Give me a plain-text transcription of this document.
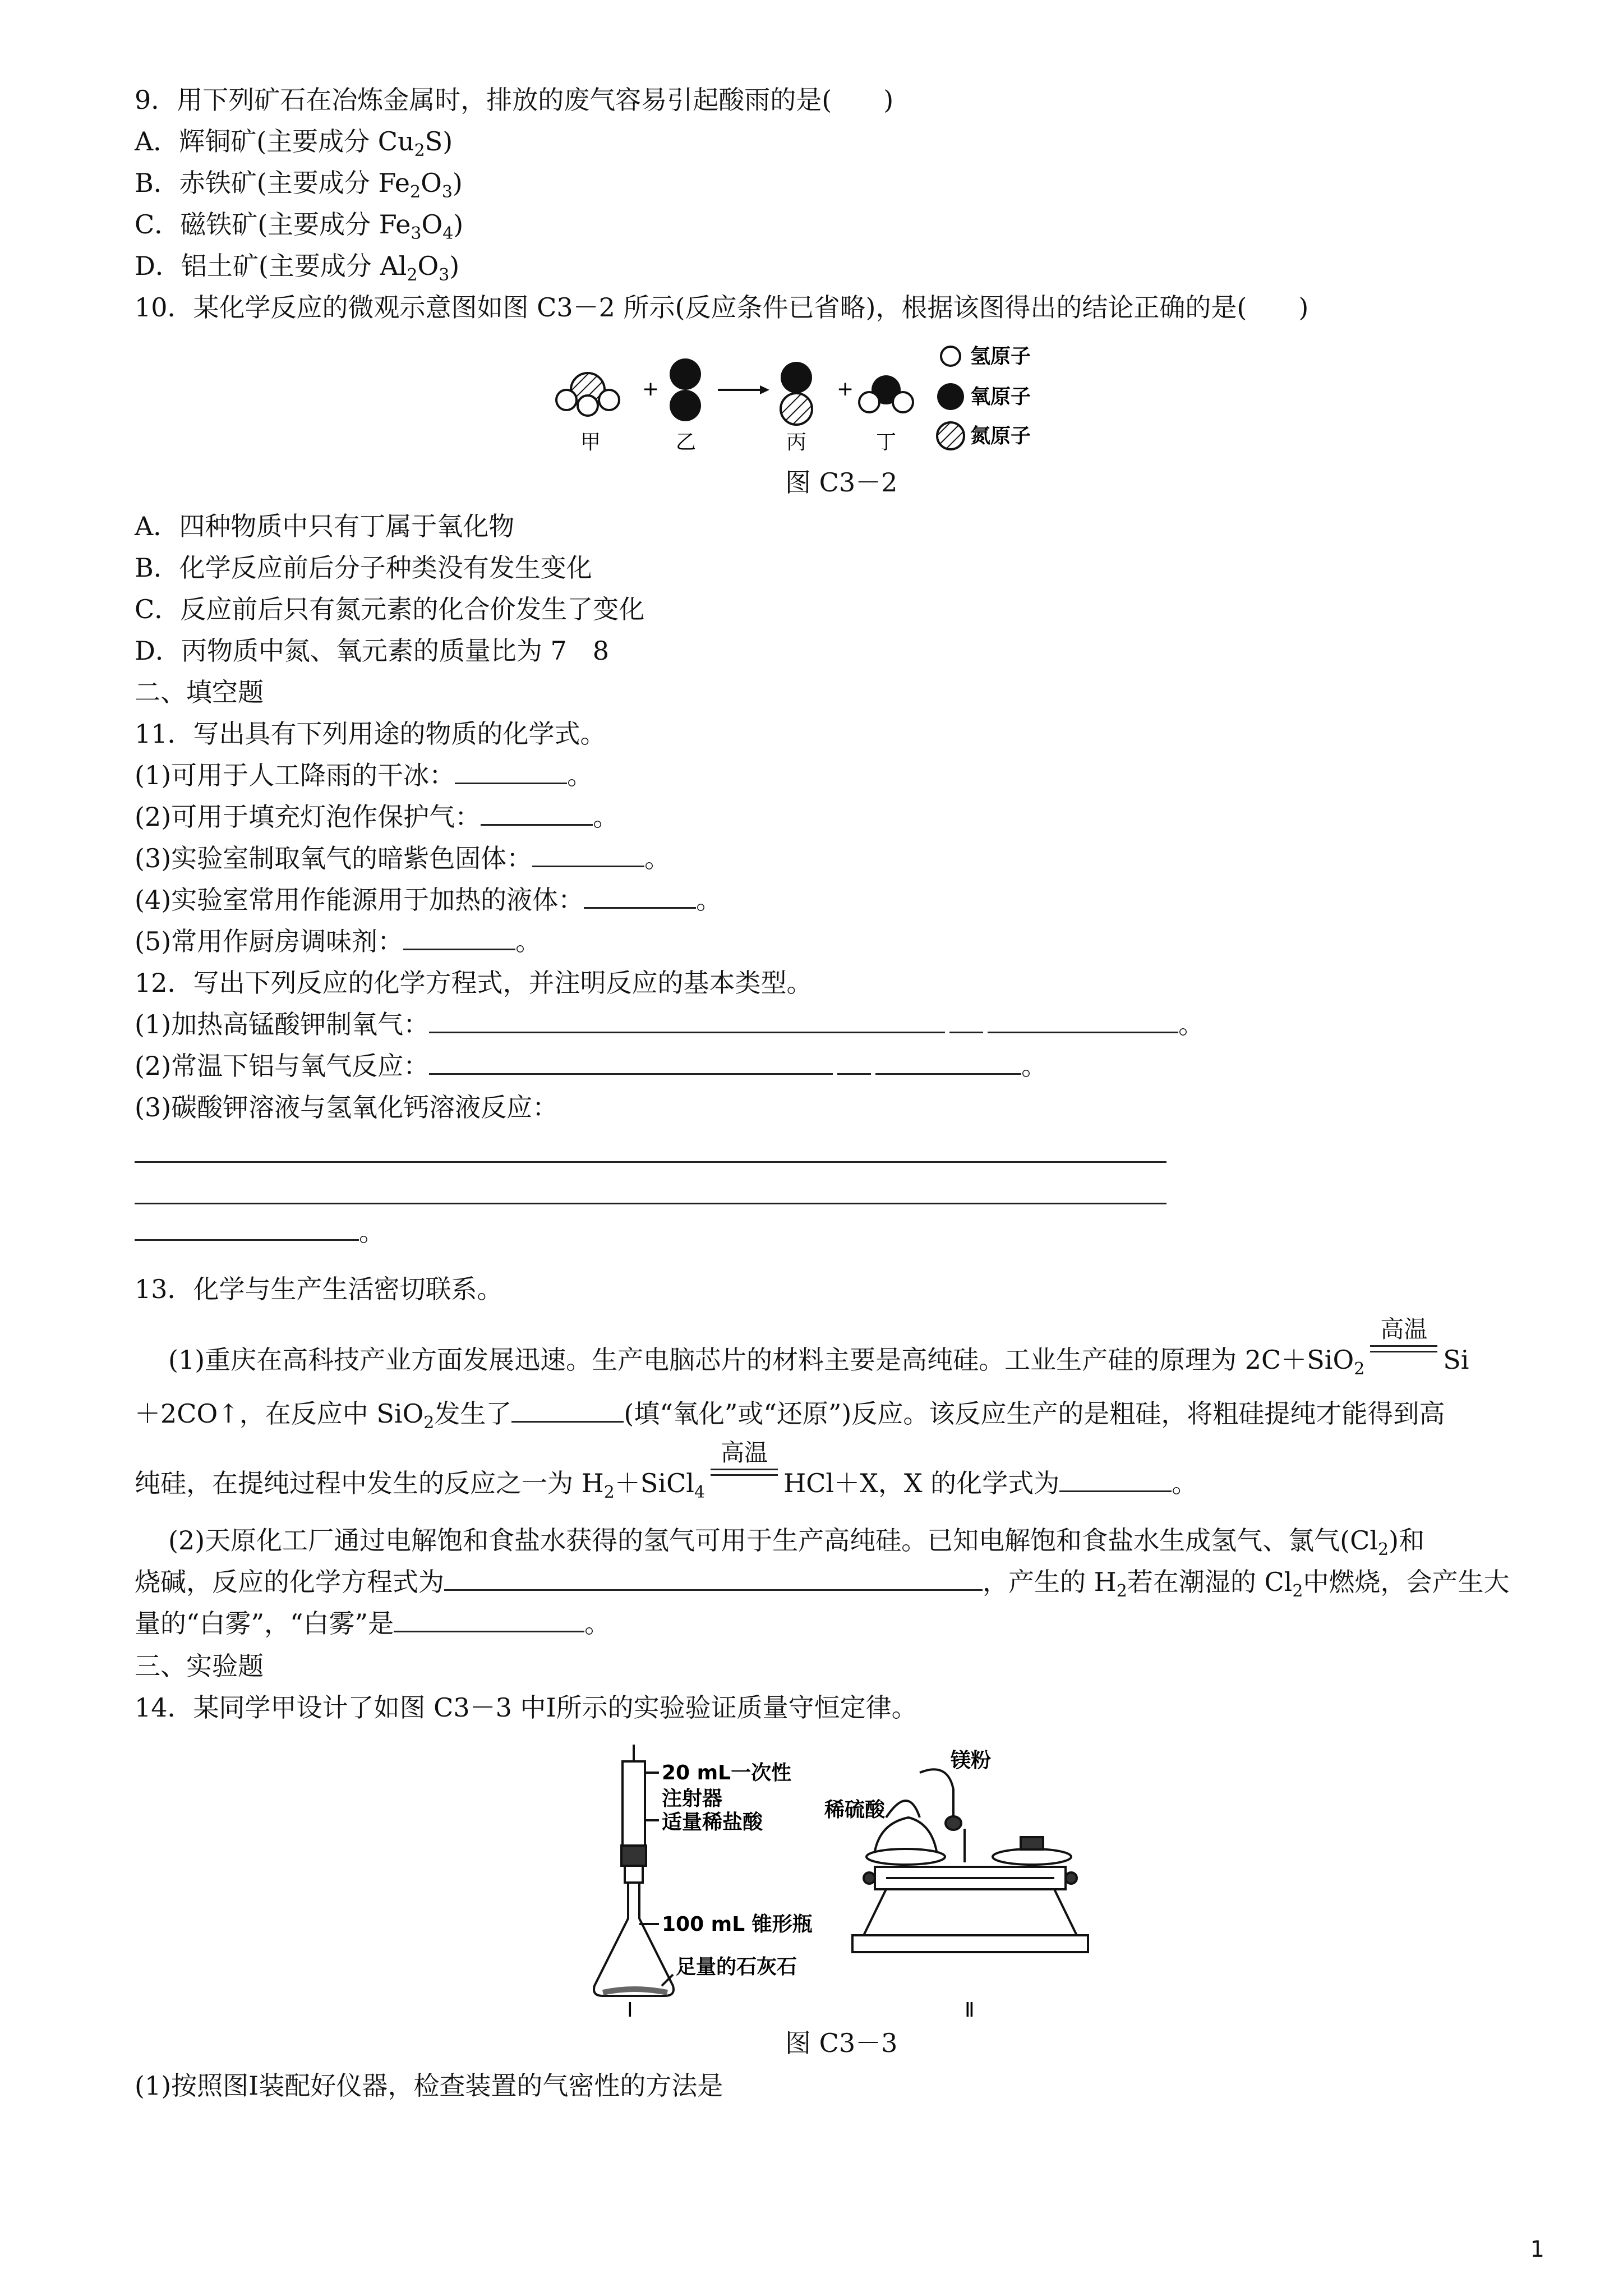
9．用下列矿石在冶炼金属时，排放的废气容易引起酸雨的是(　　)
A．辉铜矿(主要成分 $Cu_2S$)
B．赤铁矿(主要成分 $Fe_2O_3$)
C．磁铁矿(主要成分 $Fe_3O_4$)
D．铝土矿(主要成分 $Al_2O_3$)
10．某化学反应的微观示意图如图 C3－2 所示(反应条件已省略)，根据该图得出的结论正确的是(　　)
+	+
氢原子
氧原子
氮原子
甲	乙	丙	丁
图 C3－2
A．四种物质中只有丁属于氧化物
B．化学反应前后分子种类没有发生变化
C．反应前后只有氮元素的化合价发生了变化
D．丙物质中氮、氧元素的质量比为 7　8
二、填空题
11．写出具有下列用途的物质的化学式。
(1)可用于人工降雨的干冰：	。
(2)可用于填充灯泡作保护气：	。
(3)实验室制取氧气的暗紫色固体：	。
(4)实验室常用作能源用于加热的液体：	。
(5)常用作厨房调味剂：	。
12．写出下列反应的化学方程式，并注明反应的基本类型。
(1)加热高锰酸钾制氧气：	。
(2)常温下铝与氧气反应：	。
(3)碳酸钾溶液与氢氧化钙溶液反应：
。
13．化学与生产生活密切联系。
(1)重庆在高科技产业方面发展迅速。生产电脑芯片的材料主要是高纯硅。工业生产硅的原理为 2C＋SiO$_2$
高温
Si
＋2CO↑，在反应中 SiO$_2$发生了	(填“氧化”或“还原”)反应。该反应生产的是粗硅，将粗硅提纯才能得到高
纯硅，在提纯过程中发生的反应之一为 $H_2+SiCl_4$
高温
HCl＋X，X 的化学式为	。
(2)天原化工厂通过电解饱和食盐水获得的氢气可用于生产高纯硅。已知电解饱和食盐水生成氢气、氯气$(Cl_2)$和
烧碱，反应的化学方程式为	，产生的 $H_2$若在潮湿的 $Cl_2$中燃烧，会产生大
量的“白雾”，“白雾”是	。
三、实验题
14．某同学甲设计了如图 C3－3 中Ⅰ所示的实验验证质量守恒定律。
20 mL一次性
注射器
适量稀盐酸
100 mL 锥形瓶
足量的石灰石
镁粉
稀硫酸
Ⅰ	Ⅱ
图 C3－3
(1)按照图Ⅰ装配好仪器，检查装置的气密性的方法是
1
